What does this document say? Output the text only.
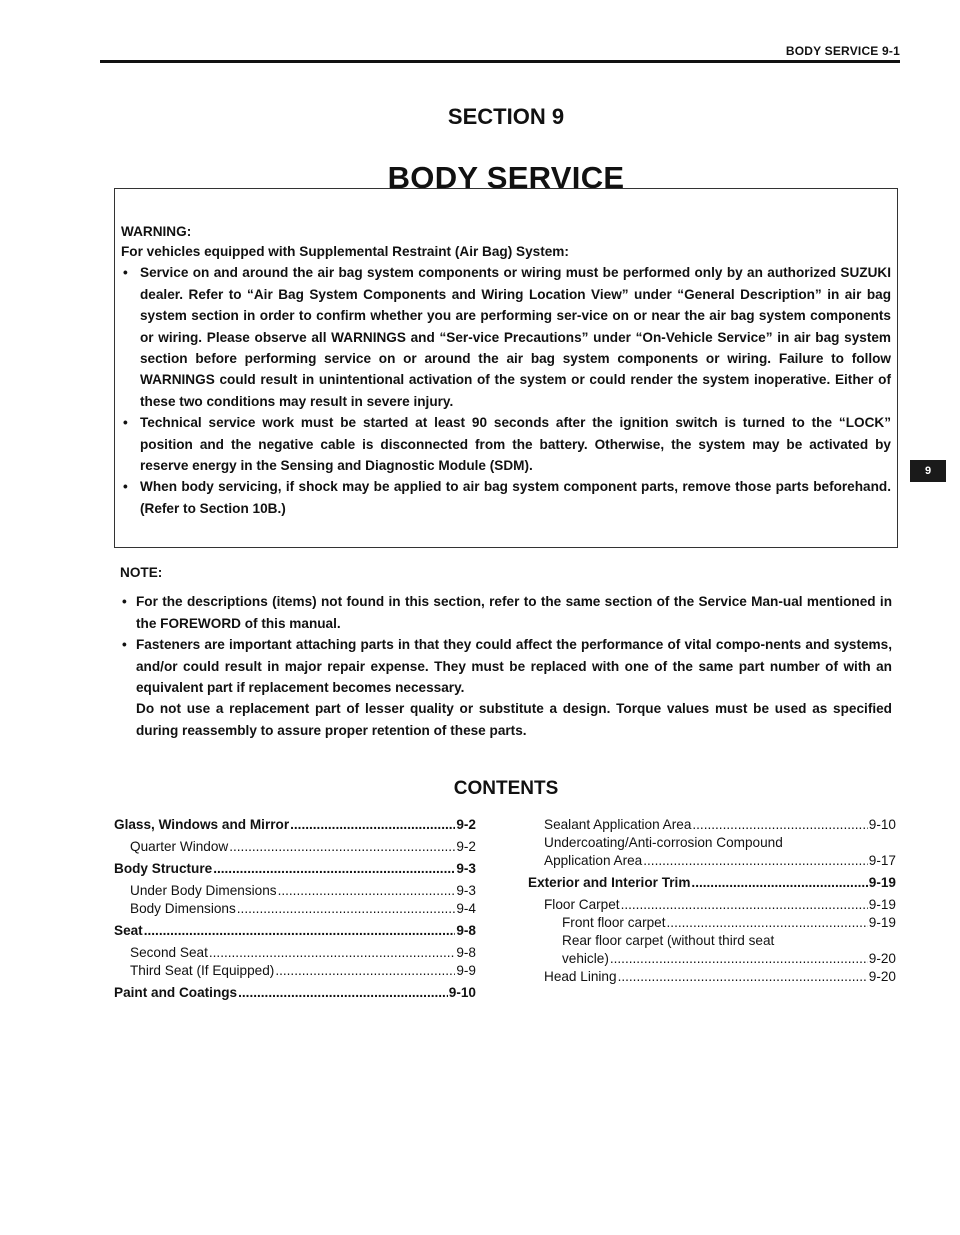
BODY SERVICE 9-1
SECTION 9
BODY SERVICE
9

WARNING:

For vehicles equipped with Supplemental Restraint (Air Bag) System:

• Service on and around the air bag system components or wiring must be performed only by an authorized SUZUKI dealer. Refer to “Air Bag System Components and Wiring Location View” under “General Description” in air bag system section in order to confirm whether you are performing ser-vice on or near the air bag system components or wiring. Please observe all WARNINGS and “Ser-vice Precautions” under “On-Vehicle Service” in air bag system section before performing service on or around the air bag system components or wiring. Failure to follow WARNINGS could result in unintentional activation of the system or could render the system inoperative. Either of these two conditions may result in severe injury.
• Technical service work must be started at least 90 seconds after the ignition switch is turned to the “LOCK” position and the negative cable is disconnected from the battery. Otherwise, the system may be activated by reserve energy in the Sensing and Diagnostic Module (SDM).
• When body servicing, if shock may be applied to air bag system component parts, remove those parts beforehand. (Refer to Section 10B.)

NOTE:

• For the descriptions (items) not found in this section, refer to the same section of the Service Man-ual mentioned in the FOREWORD of this manual.
• Fasteners are important attaching parts in that they could affect the performance of vital compo-nents and systems, and/or could result in major repair expense. They must be replaced with one of the same part number of with an equivalent part if replacement becomes necessary.
Do not use a replacement part of lesser quality or substitute a design. Torque values must be used as specified during reassembly to assure proper retention of these parts.
CONTENTS
Glass, Windows and Mirror .....	9-2
Quarter Window .....	9-2
Body Structure .....	9-3
Under Body Dimensions .....	9-3
Body Dimensions .....	9-4
Seat .....	9-8
Second Seat .....	9-8
Third Seat (If Equipped) .....	9-9
Paint and Coatings .....	9-10
Sealant Application Area .....	9-10
Undercoating/Anti-corrosion Compound
Application Area .....	9-17
Exterior and Interior Trim .....	9-19
Floor Carpet .....	9-19
Front floor carpet .....	9-19
Rear floor carpet (without third seat
vehicle) .....	9-20
Head Lining .....	9-20
